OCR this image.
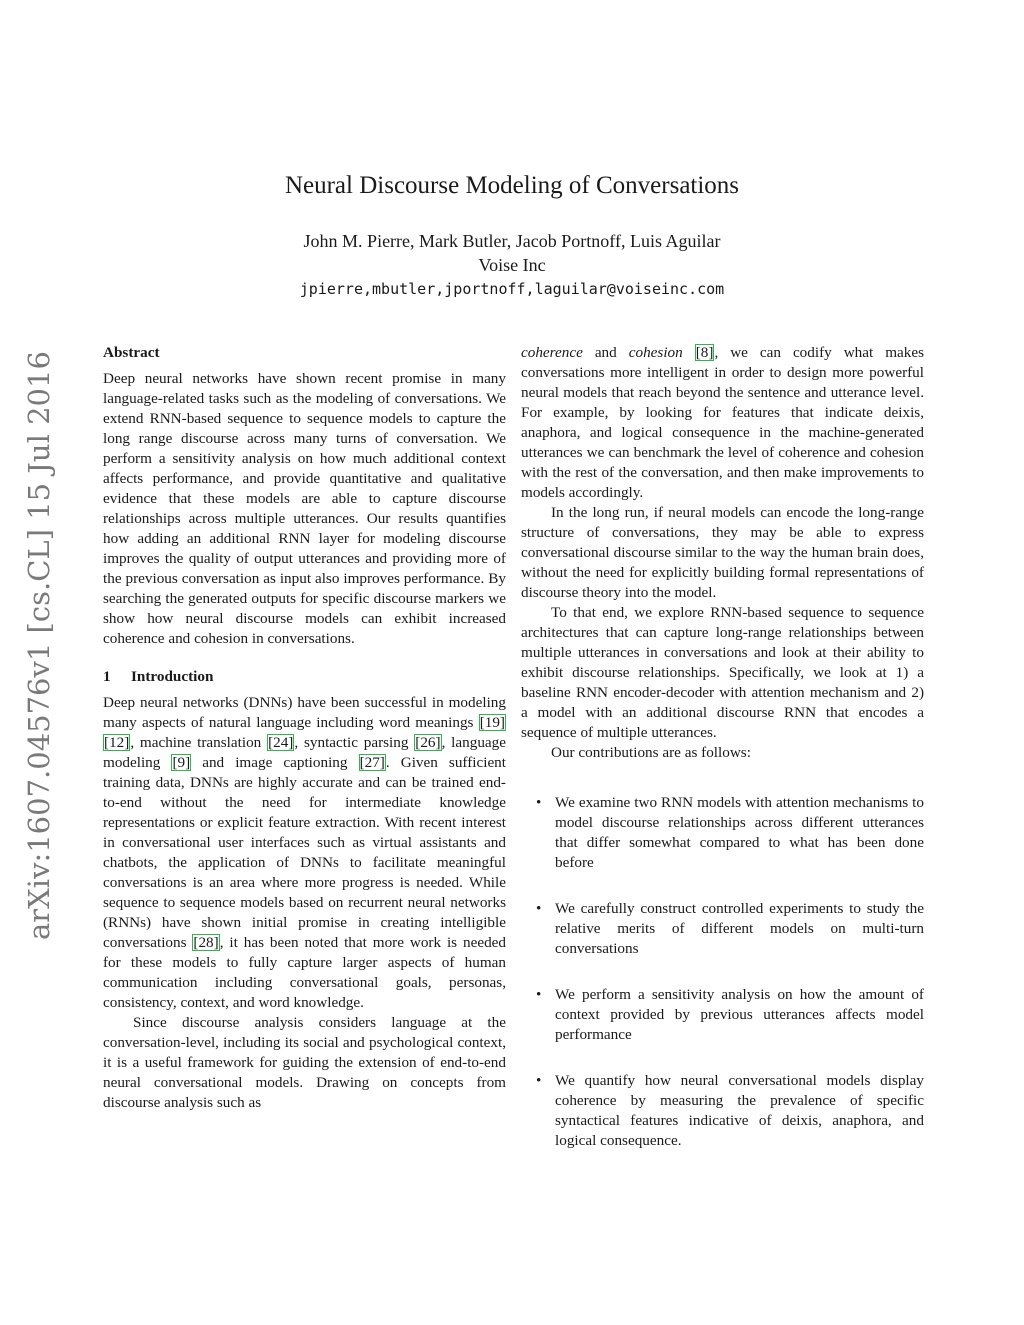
arXiv:1607.04576v1 [cs.CL] 15 Jul 2016
Neural Discourse Modeling of Conversations
John M. Pierre, Mark Butler, Jacob Portnoff, Luis Aguilar
Voise Inc
jpierre,mbutler,jportnoff,laguilar@voiseinc.com

Abstract

Deep neural networks have shown recent promise in many language-related tasks such as the modeling of conversations. We extend RNN-based sequence to sequence models to capture the long range discourse across many turns of conversation. We perform a sensitivity analysis on how much additional context affects performance, and provide quantitative and qualitative evidence that these models are able to capture discourse relationships across multiple utterances. Our results quantifies how adding an additional RNN layer for modeling discourse improves the quality of output utterances and providing more of the previous conversation as input also improves performance. By searching the generated outputs for specific discourse markers we show how neural discourse models can exhibit increased coherence and cohesion in conversations.

1 Introduction

Deep neural networks (DNNs) have been successful in modeling many aspects of natural language including word meanings [19][12], machine translation [24], syntactic parsing [26], language modeling [9] and image captioning [27]. Given sufficient training data, DNNs are highly accurate and can be trained end-to-end without the need for intermediate knowledge representations or explicit feature extraction. With recent interest in conversational user interfaces such as virtual assistants and chatbots, the application of DNNs to facilitate meaningful conversations is an area where more progress is needed. While sequence to sequence models based on recurrent neural networks (RNNs) have shown initial promise in creating intelligible conversations [28], it has been noted that more work is needed for these models to fully capture larger aspects of human communication including conversational goals, personas, consistency, context, and word knowledge.

Since discourse analysis considers language at the conversation-level, including its social and psychological context, it is a useful framework for guiding the extension of end-to-end neural conversational models. Drawing on concepts from discourse analysis such as

coherence and cohesion [8], we can codify what makes conversations more intelligent in order to design more powerful neural models that reach beyond the sentence and utterance level. For example, by looking for features that indicate deixis, anaphora, and logical consequence in the machine-generated utterances we can benchmark the level of coherence and cohesion with the rest of the conversation, and then make improvements to models accordingly.

In the long run, if neural models can encode the long-range structure of conversations, they may be able to express conversational discourse similar to the way the human brain does, without the need for explicitly building formal representations of discourse theory into the model.

To that end, we explore RNN-based sequence to sequence architectures that can capture long-range relationships between multiple utterances in conversations and look at their ability to exhibit discourse relationships. Specifically, we look at 1) a baseline RNN encoder-decoder with attention mechanism and 2) a model with an additional discourse RNN that encodes a sequence of multiple utterances.

Our contributions are as follows:

• We examine two RNN models with attention mechanisms to model discourse relationships across different utterances that differ somewhat compared to what has been done before
• We carefully construct controlled experiments to study the relative merits of different models on multi-turn conversations
• We perform a sensitivity analysis on how the amount of context provided by previous utterances affects model performance
• We quantify how neural conversational models display coherence by measuring the prevalence of specific syntactical features indicative of deixis, anaphora, and logical consequence.
